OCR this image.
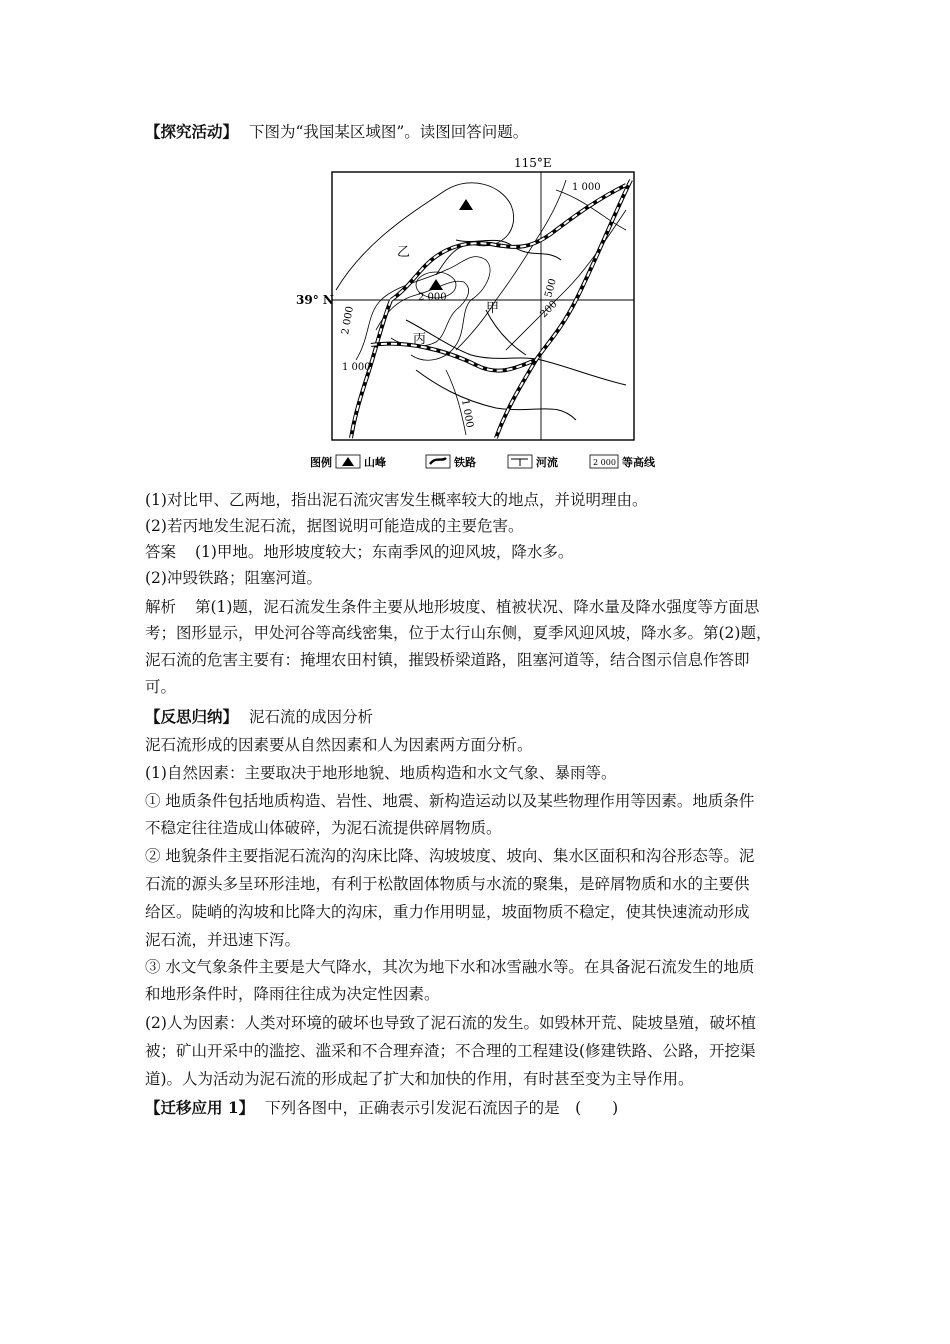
【探究活动】 下图为“我国某区域图”。读图回答问题。
115°E
39° N
甲
乙
丙
1 000
2 000
2 000
1 000
500
200
1 000
图例	山峰	铁路	河流	2 000 等高线
(1)对比甲、乙两地，指出泥石流灾害发生概率较大的地点，并说明理由。
(2)若丙地发生泥石流，据图说明可能造成的主要危害。
答案 (1)甲地。地形坡度较大；东南季风的迎风坡，降水多。
(2)冲毁铁路；阻塞河道。
解析 第(1)题，泥石流发生条件主要从地形坡度、植被状况、降水量及降水强度等方面思
考；图形显示，甲处河谷等高线密集，位于太行山东侧，夏季风迎风坡，降水多。第(2)题，
泥石流的危害主要有：掩埋农田村镇，摧毁桥梁道路，阻塞河道等，结合图示信息作答即
可。
【反思归纳】 泥石流的成因分析
泥石流形成的因素要从自然因素和人为因素两方面分析。
(1)自然因素：主要取决于地形地貌、地质构造和水文气象、暴雨等。
① 地质条件包括地质构造、岩性、地震、新构造运动以及某些物理作用等因素。地质条件
不稳定往往造成山体破碎，为泥石流提供碎屑物质。
② 地貌条件主要指泥石流沟的沟床比降、沟坡坡度、坡向、集水区面积和沟谷形态等。泥
石流的源头多呈环形洼地，有利于松散固体物质与水流的聚集，是碎屑物质和水的主要供
给区。陡峭的沟坡和比降大的沟床，重力作用明显，坡面物质不稳定，使其快速流动形成
泥石流，并迅速下泻。
③ 水文气象条件主要是大气降水，其次为地下水和冰雪融水等。在具备泥石流发生的地质
和地形条件时，降雨往往成为决定性因素。
(2)人为因素：人类对环境的破坏也导致了泥石流的发生。如毁林开荒、陡坡垦殖，破坏植
被；矿山开采中的滥挖、滥采和不合理弃渣；不合理的工程建设(修建铁路、公路，开挖渠
道)。人为活动为泥石流的形成起了扩大和加快的作用，有时甚至变为主导作用。
【迁移应用 1】 下列各图中，正确表示引发泥石流因子的是　(　　)
